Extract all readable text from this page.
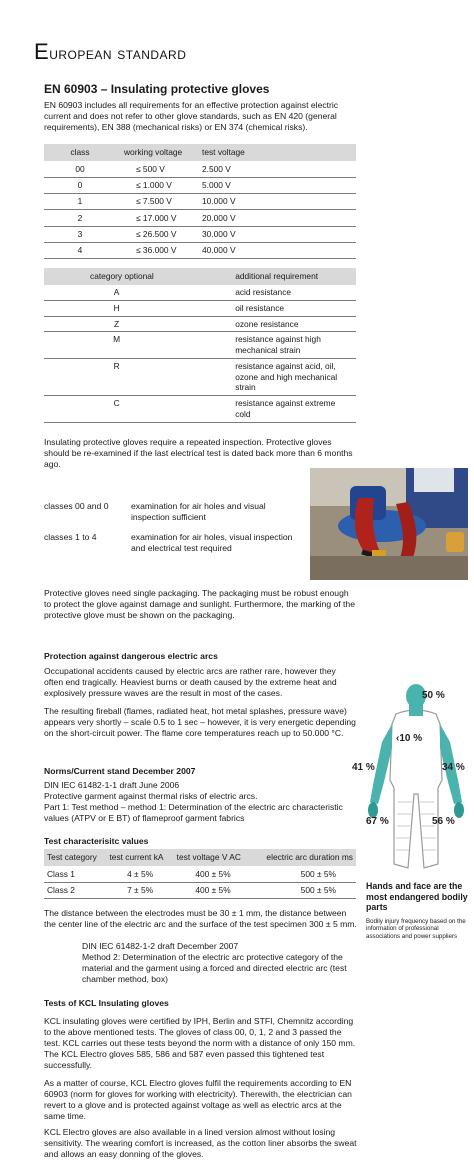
European standard
EN 60903 – Insulating protective gloves
EN 60903 includes all requirements for an effective protection against electric current and does not refer to other glove standards, such as EN 420 (general requirements), EN 388 (mechanical risks) or EN 374 (chemical risks).
class	working voltage	test voltage
00	≤ 500 V	2.500 V
0	≤ 1.000 V	5.000 V
1	≤ 7.500 V	10.000 V
2	≤ 17.000 V	20.000 V
3	≤ 26.500 V	30.000 V
4	≤ 36.000 V	40.000 V
category optional	additional requirement
A	acid resistance
H	oil resistance
Z	ozone resistance
M	resistance against high mechanical strain
R	resistance against acid, oil, ozone and high mechanical strain
C	resistance against extreme cold
Insulating protective gloves require a repeated inspection. Protective gloves should be re-examined if the last electrical test is dated back more than 6 months ago.
classes 00 and 0	examination for air holes and visual inspection sufficient
classes 1 to 4	examination for air holes, visual inspection and electrical test required
Protective gloves need single packaging. The packaging must be robust enough to protect the glove against damage and sunlight. Furthermore, the marking of the protective glove must be shown on the packaging.
Protection against dangerous electric arcs
Occupational accidents caused by electric arcs are rather rare, however they often end tragically. Heaviest burns or death caused by the extreme heat and explosively pressure waves are the result in most of the cases.
The resulting fireball (flames, radiated heat, hot metal splashes, pressure wave) appears very shortly – scale 0.5 to 1 sec – however, it is very energetic depending on the short-circuit power. The flame core temperatures reach up to 50.000 °C.
Norms/Current stand December 2007
DIN IEC 61482-1-1 draft June 2006
Protective garment against thermal risks of electric arcs.
Part 1: Test method – method 1: Determination of the electric arc characteristic values (ATPV or E BT) of flameproof garment fabrics
Test characterisitc values
Test category	test current kA	test voltage V AC	electric arc duration ms
Class 1	4 ± 5%	400 ± 5%	500 ± 5%
Class 2	7 ± 5%	400 ± 5%	500 ± 5%
The distance between the electrodes must be 30 ± 1 mm, the distance between the center line of the electric arc and the surface of the test specimen 300 ± 5 mm.
DIN IEC 61482-1-2 draft December 2007
Method 2: Determination of the electric arc protective category of the material and the garment using a forced and directed electric arc (test chamber method, box)
Tests of KCL Insulating gloves
KCL insulating gloves were certified by IPH, Berlin and STFI, Chemnitz according to the above mentioned tests. The gloves of class 00, 0, 1, 2 and 3 passed the test. KCL carries out these tests beyond the norm with a distance of only 150 mm. The KCL Electro gloves 585, 586 and 587 even passed this tightened test successfully.
As a matter of course, KCL Electro gloves fulfil the requirements according to EN 60903 (norm for gloves for working with electricity). Therewith, the electrician can revert to a glove and is protected against voltage as well as electric arcs at the same time.
KCL Electro gloves are also available in a lined version almost without losing sensitivity. The wearing comfort is increased, as the cotton liner absorbs the sweat and allows an easy donning of the gloves.
50 %
‹10 %
41 %	34 %
67 %	56 %
Hands and face are the most endangered bodily parts
Bodily injury frequency based on the information of professional associations and power suppliers
